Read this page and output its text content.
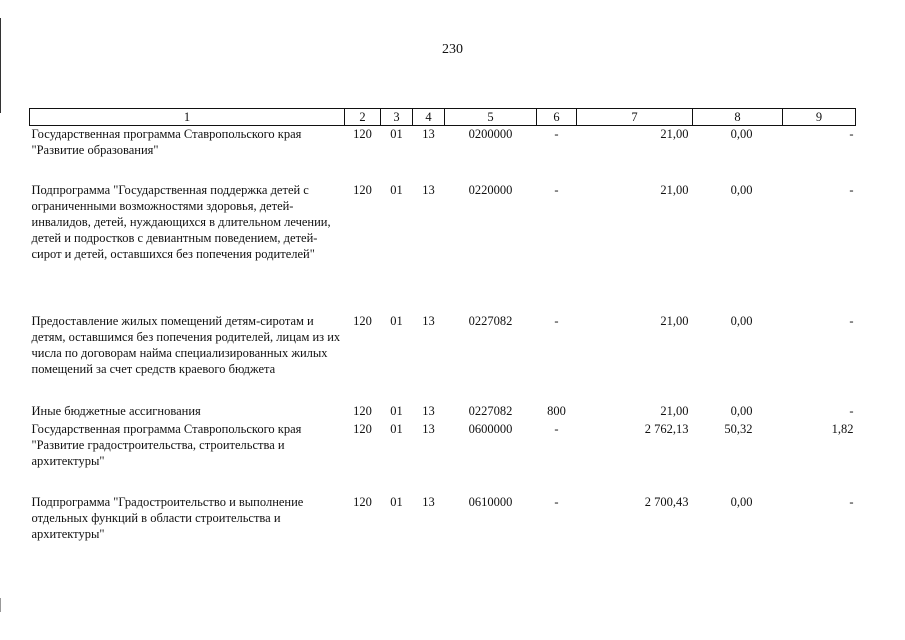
230
1	2	3	4	5	6	7	8	9
Государственная программа Ставропольского края "Развитие образования"	120	01	13	0200000	-	21,00	0,00	-
Подпрограмма "Государственная поддержка детей с ограниченными возможностями здоровья, детей-инвалидов, детей, нуждающихся в длительном лечении, детей и подростков с девиантным поведением, детей-сирот и детей, оставшихся без попечения родителей"	120	01	13	0220000	-	21,00	0,00	-
Предоставление жилых помещений детям-сиротам и детям, оставшимся без попечения родителей, лицам из их числа по договорам найма специализированных жилых помещений за счет средств краевого бюджета	120	01	13	0227082	-	21,00	0,00	-
Иные бюджетные ассигнования	120	01	13	0227082	800	21,00	0,00	-
Государственная программа Ставропольского края "Развитие градостроительства, строительства и архитектуры"	120	01	13	0600000	-	2 762,13	50,32	1,82
Подпрограмма "Градостроительство и выполнение отдельных функций в области строительства и архитектуры"	120	01	13	0610000	-	2 700,43	0,00	-
